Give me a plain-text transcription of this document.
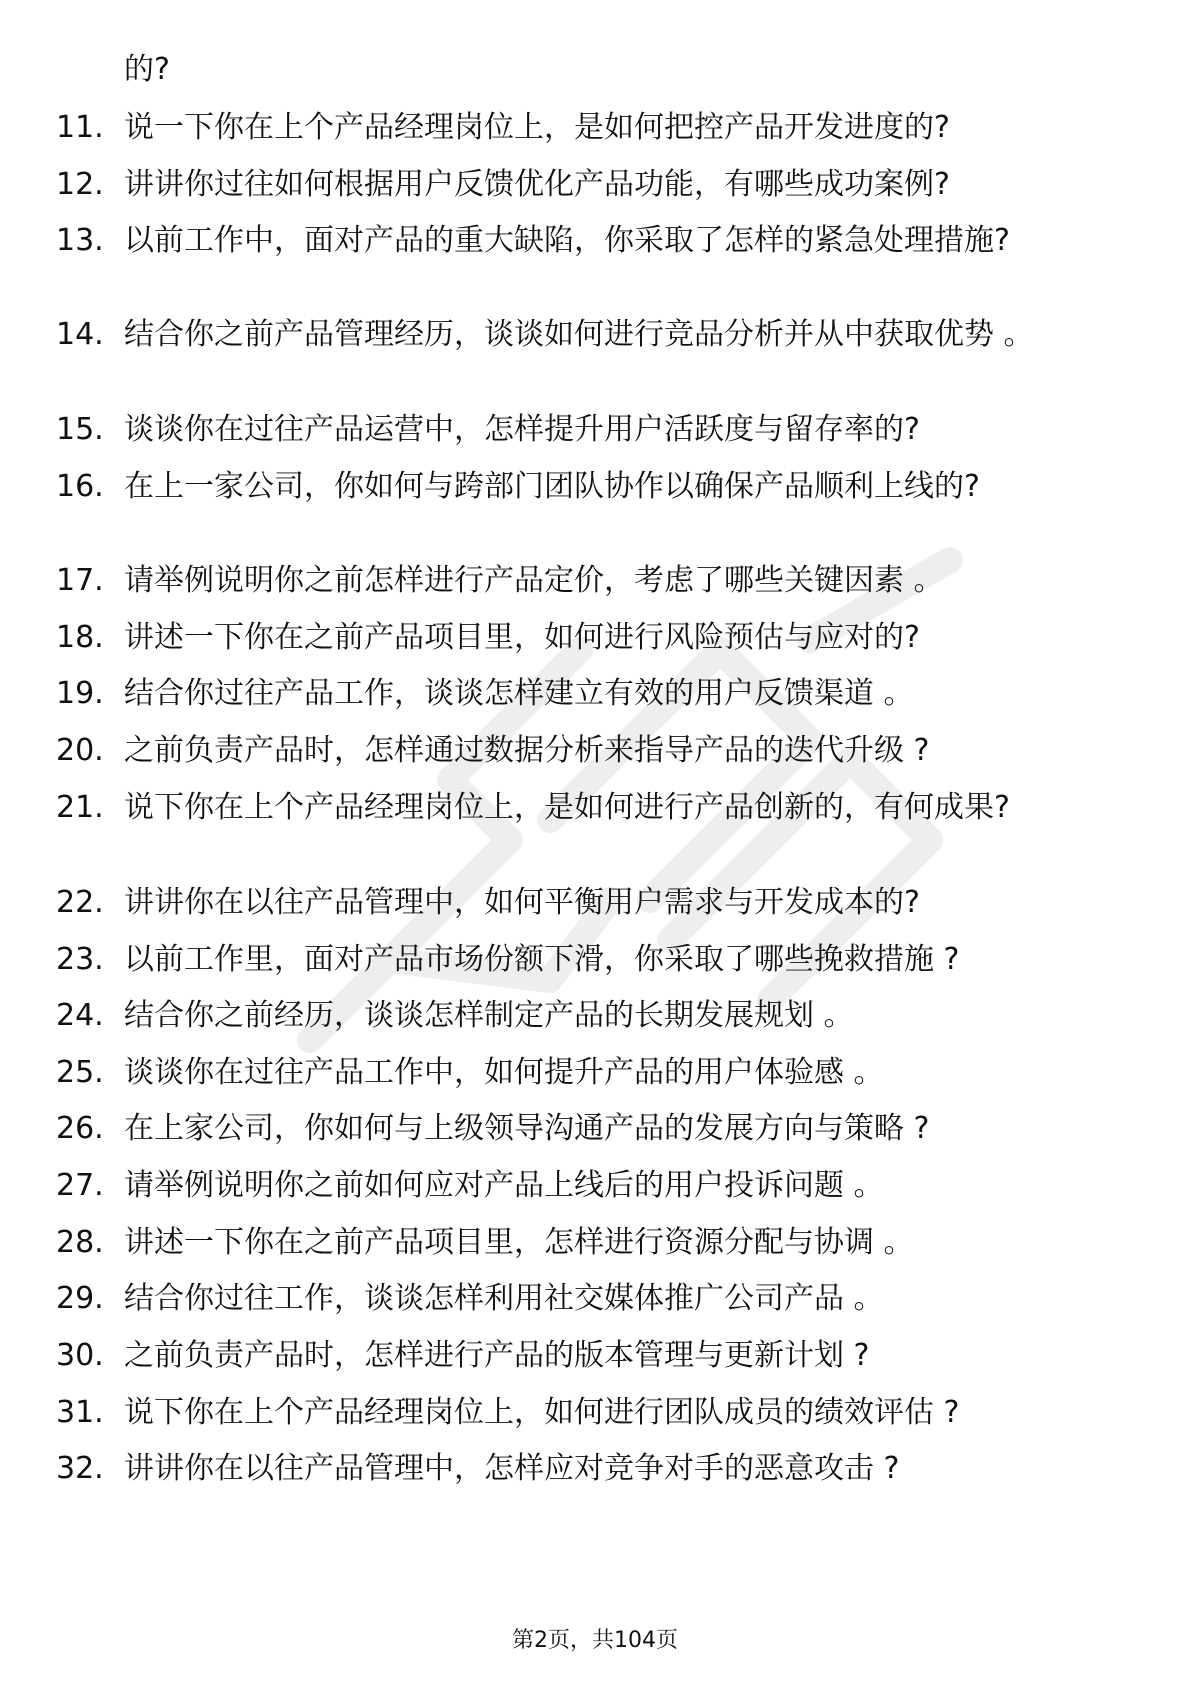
的?
11. 说一下你在上个产品经理岗位上，是如何把控产品开发进度的?
12. 讲讲你过往如何根据用户反馈优化产品功能，有哪些成功案例?
13. 以前工作中，面对产品的重大缺陷，你采取了怎样的紧急处理措施?
14. 结合你之前产品管理经历，谈谈如何进行竞品分析并从中获取优势 。
15. 谈谈你在过往产品运营中，怎样提升用户活跃度与留存率的?
16. 在上一家公司，你如何与跨部门团队协作以确保产品顺利上线的?
17. 请举例说明你之前怎样进行产品定价，考虑了哪些关键因素 。
18. 讲述一下你在之前产品项目里，如何进行风险预估与应对的?
19. 结合你过往产品工作，谈谈怎样建立有效的用户反馈渠道 。
20. 之前负责产品时，怎样通过数据分析来指导产品的迭代升级 ?
21. 说下你在上个产品经理岗位上，是如何进行产品创新的，有何成果?
22. 讲讲你在以往产品管理中，如何平衡用户需求与开发成本的?
23. 以前工作里，面对产品市场份额下滑，你采取了哪些挽救措施 ?
24. 结合你之前经历，谈谈怎样制定产品的长期发展规划 。
25. 谈谈你在过往产品工作中，如何提升产品的用户体验感 。
26. 在上家公司，你如何与上级领导沟通产品的发展方向与策略 ?
27. 请举例说明你之前如何应对产品上线后的用户投诉问题 。
28. 讲述一下你在之前产品项目里，怎样进行资源分配与协调 。
29. 结合你过往工作，谈谈怎样利用社交媒体推广公司产品 。
30. 之前负责产品时，怎样进行产品的版本管理与更新计划 ?
31. 说下你在上个产品经理岗位上，如何进行团队成员的绩效评估 ?
32. 讲讲你在以往产品管理中，怎样应对竞争对手的恶意攻击 ?
第2页，共104页
